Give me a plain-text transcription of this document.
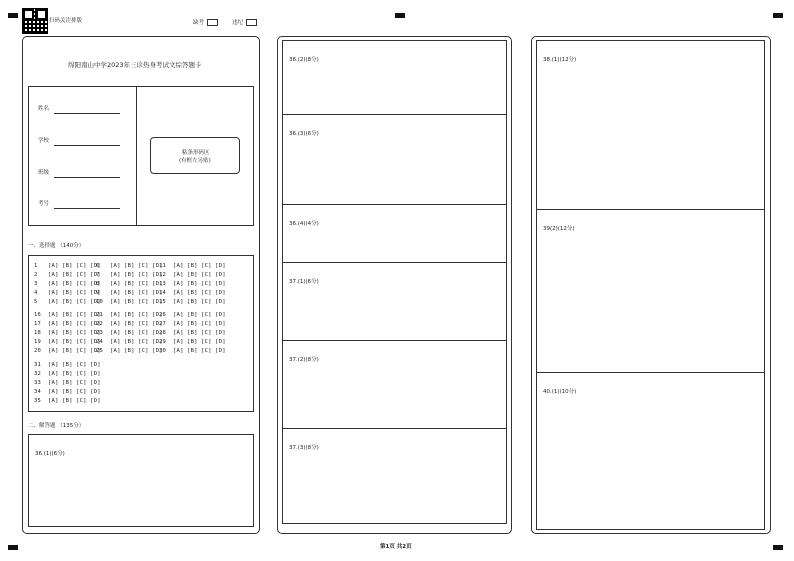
扫码关注排版	缺考	违纪
绵阳南山中学2023年三诊热身考试文综答题卡
姓名
学校
班级
考号
粘条形码区
(有框左另贴)
一、选择题 （140分）
1   [A] [B] [C] [D]
6   [A] [B] [C] [D]
11  [A] [B] [C] [D]
2   [A] [B] [C] [D]
7   [A] [B] [C] [D]
12  [A] [B] [C] [D]
3   [A] [B] [C] [D]
8   [A] [B] [C] [D]
13  [A] [B] [C] [D]
4   [A] [B] [C] [D]
9   [A] [B] [C] [D]
14  [A] [B] [C] [D]
5   [A] [B] [C] [D]
10  [A] [B] [C] [D]
15  [A] [B] [C] [D]
16  [A] [B] [C] [D]
21  [A] [B] [C] [D]
26  [A] [B] [C] [D]
17  [A] [B] [C] [D]
22  [A] [B] [C] [D]
27  [A] [B] [C] [D]
18  [A] [B] [C] [D]
23  [A] [B] [C] [D]
28  [A] [B] [C] [D]
19  [A] [B] [C] [D]
24  [A] [B] [C] [D]
29  [A] [B] [C] [D]
20  [A] [B] [C] [D]
25  [A] [B] [C] [D]
30  [A] [B] [C] [D]
31  [A] [B] [C] [D]
32  [A] [B] [C] [D]
33  [A] [B] [C] [D]
34  [A] [B] [C] [D]
35  [A] [B] [C] [D]
二、解答题 （135分）
36.(1)(6分)
36.(2)(8分)
36.(3)(6分)
36.(4)(4分)
37.(1)(6分)
37.(2)(8分)
37.(3)(8分)
38.(1)(12分)
39(2)(12分)
40.(1)(10分)
第1页 共2页
